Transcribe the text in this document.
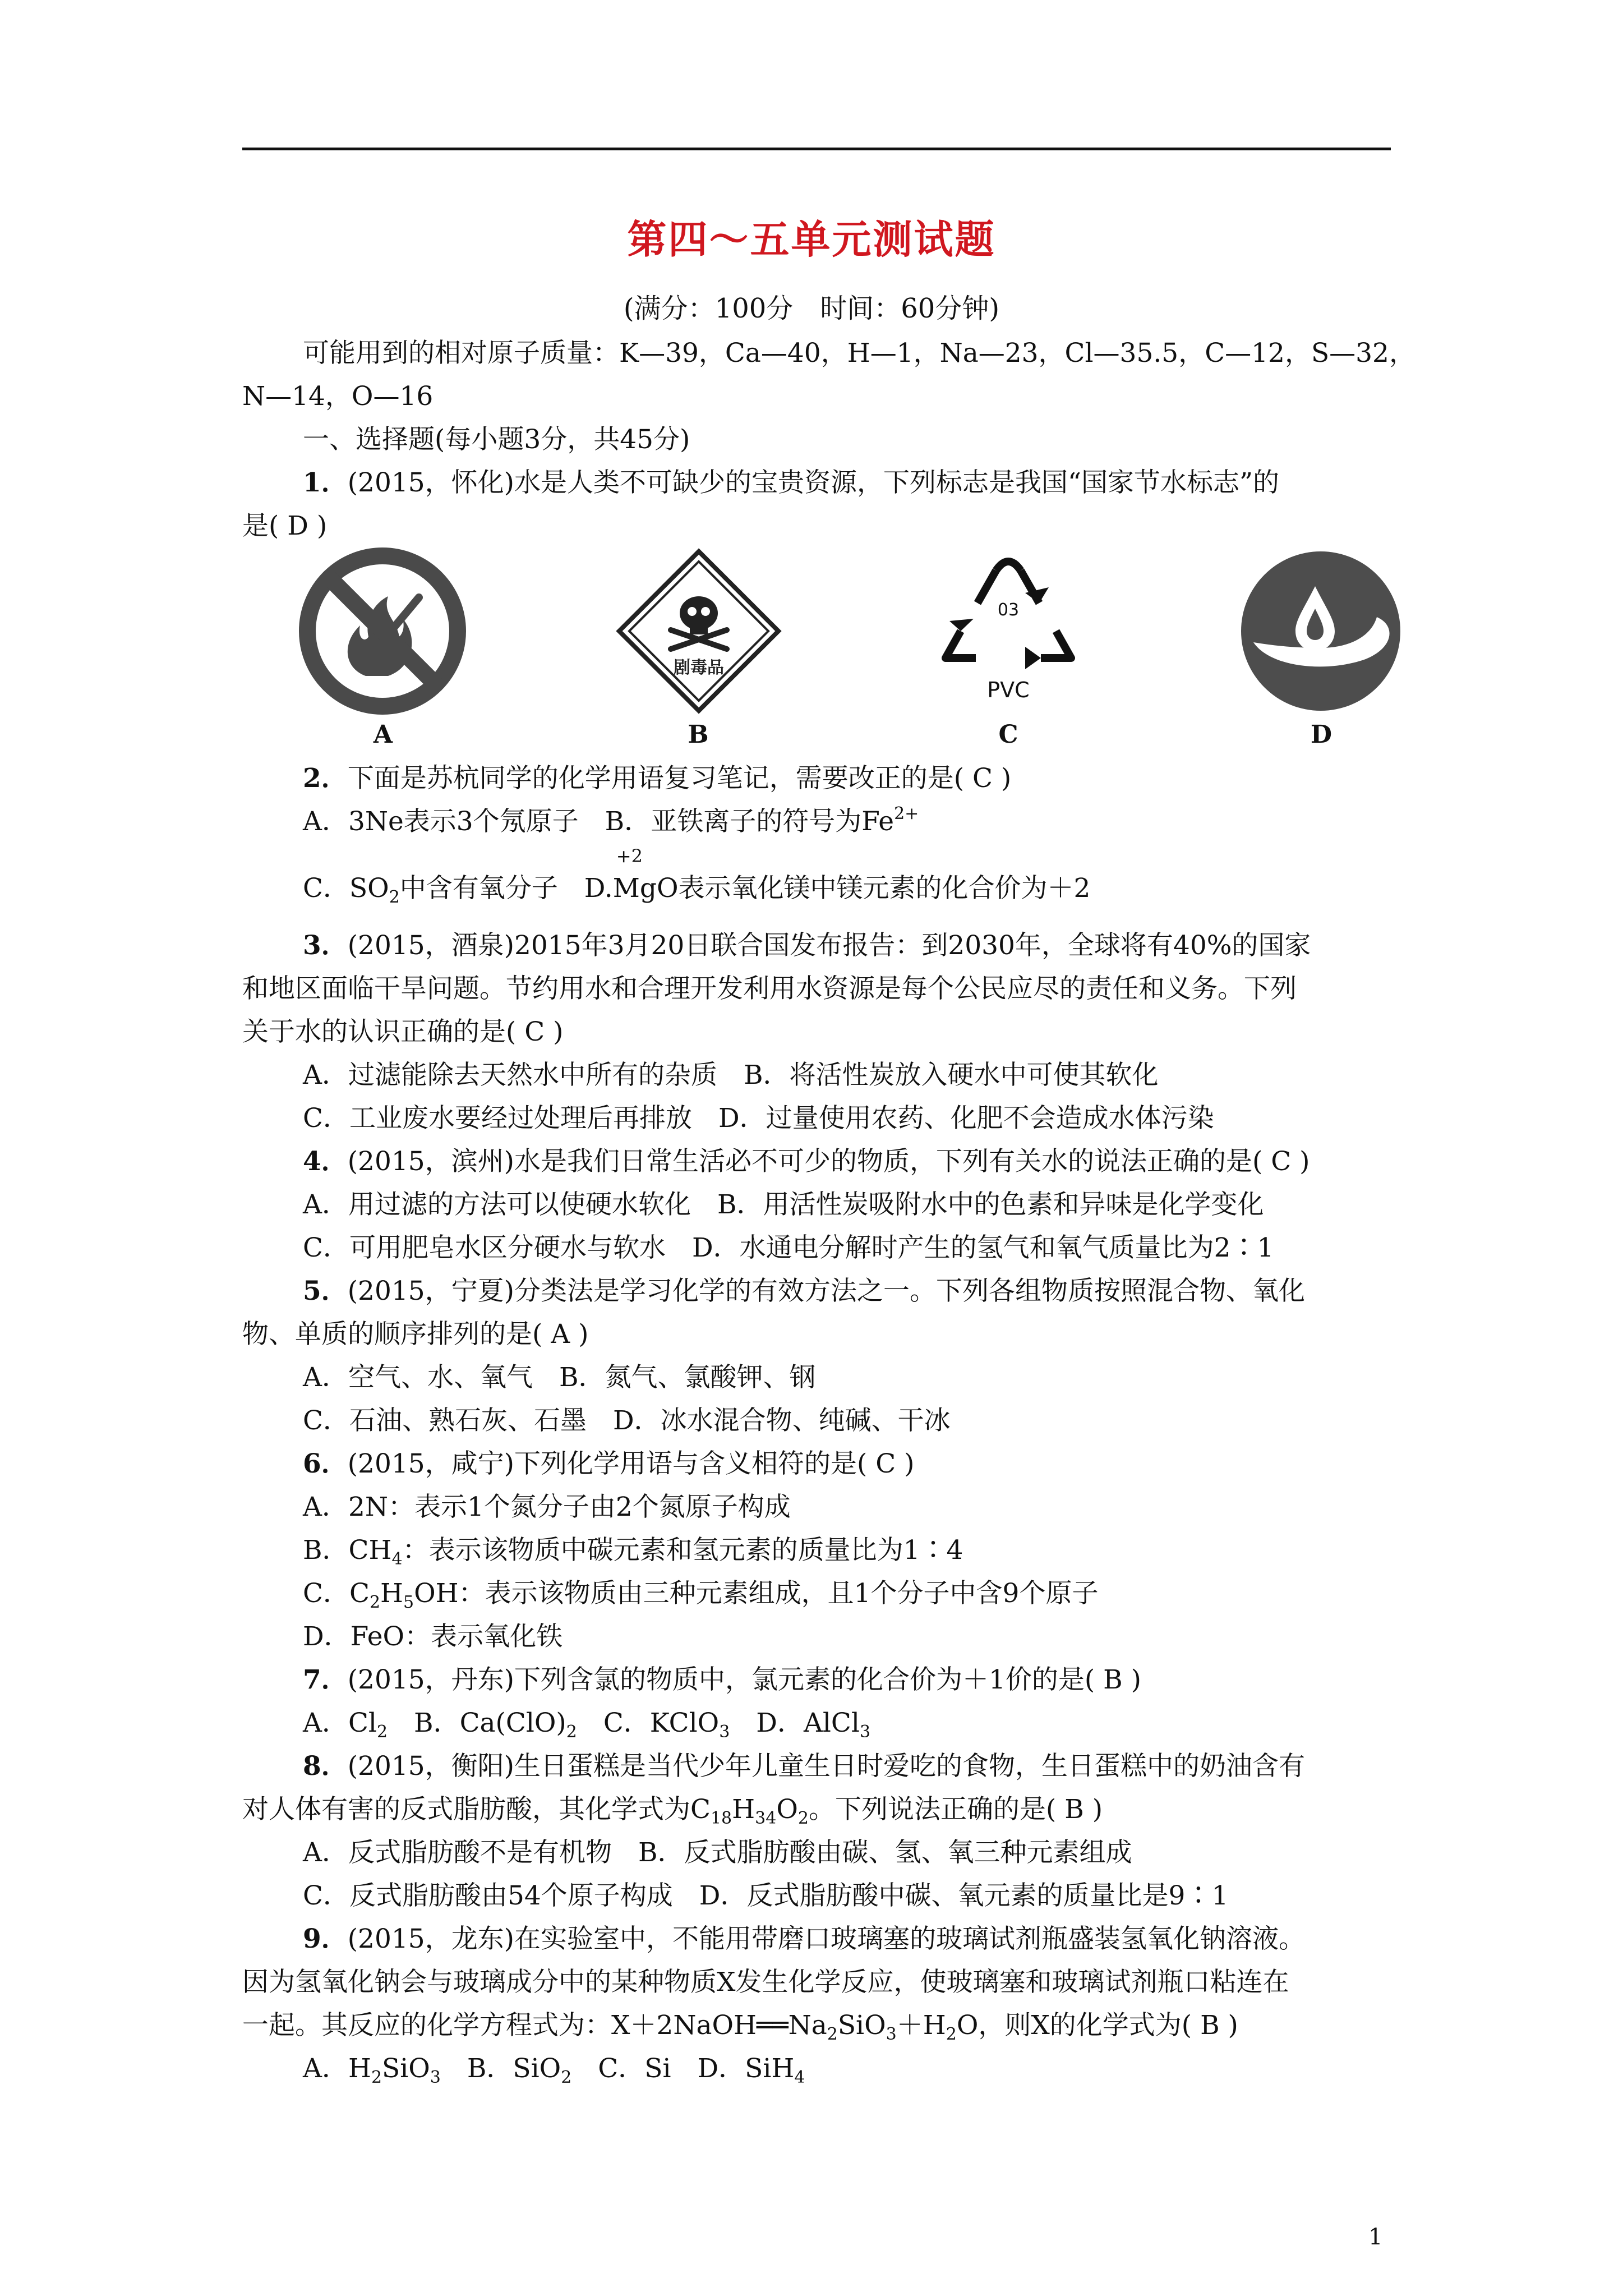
第四～五单元测试题
(满分：100分　时间：60分钟)
可能用到的相对原子质量：K—39，Ca—40，H—1，Na—23，Cl—35.5，C—12，S—32，
N—14，O—16
一、选择题(每小题3分，共45分)
1．(2015，怀化)水是人类不可缺少的宝贵资源，下列标志是我国“国家节水标志”的
是( D )
剧毒品
03
PVC
A	B	C	D
2．下面是苏杭同学的化学用语复习笔记，需要改正的是( C )
A．3Ne表示3个氖原子　B．亚铁离子的符号为$Fe^{2+}$
C．$SO_2$中含有氧分子　D.
+2
MgO表示氧化镁中镁元素的化合价为＋2
3．(2015，酒泉)2015年3月20日联合国发布报告：到2030年，全球将有40%的国家
和地区面临干旱问题。节约用水和合理开发利用水资源是每个公民应尽的责任和义务。下列
关于水的认识正确的是( C )
A．过滤能除去天然水中所有的杂质　B．将活性炭放入硬水中可使其软化
C．工业废水要经过处理后再排放　D．过量使用农药、化肥不会造成水体污染
4．(2015，滨州)水是我们日常生活必不可少的物质，下列有关水的说法正确的是( C )
A．用过滤的方法可以使硬水软化　B．用活性炭吸附水中的色素和异味是化学变化
C．可用肥皂水区分硬水与软水　D．水通电分解时产生的氢气和氧气质量比为2∶1
5．(2015，宁夏)分类法是学习化学的有效方法之一。下列各组物质按照混合物、氧化
物、单质的顺序排列的是( A )
A．空气、水、氧气　B．氮气、氯酸钾、钢
C．石油、熟石灰、石墨　D．冰水混合物、纯碱、干冰
6．(2015，咸宁)下列化学用语与含义相符的是( C )
A．2N：表示1个氮分子由2个氮原子构成
B．$CH_4$：表示该物质中碳元素和氢元素的质量比为1∶4
C．$C_2H_5OH$：表示该物质由三种元素组成，且1个分子中含9个原子
D．FeO：表示氧化铁
7．(2015，丹东)下列含氯的物质中，氯元素的化合价为＋1价的是( B )
A．$Cl_2$　B．$Ca(ClO)_2$　C．KClO$_3$　D．AlCl$_3$
8．(2015，衡阳)生日蛋糕是当代少年儿童生日时爱吃的食物，生日蛋糕中的奶油含有
对人体有害的反式脂肪酸，其化学式为$C_{18}H_{34}O_2$。下列说法正确的是( B )
A．反式脂肪酸不是有机物　B．反式脂肪酸由碳、氢、氧三种元素组成
C．反式脂肪酸由54个原子构成　D．反式脂肪酸中碳、氧元素的质量比是9∶1
9．(2015，龙东)在实验室中，不能用带磨口玻璃塞的玻璃试剂瓶盛装氢氧化钠溶液。
因为氢氧化钠会与玻璃成分中的某种物质X发生化学反应，使玻璃塞和玻璃试剂瓶口粘连在
一起。其反应的化学方程式为：$X+2NaOH══Na_2SiO_3+H_2O$，则X的化学式为( B )
A．$H_2SiO_3$　B．SiO$_2$　C．Si　D．SiH$_4$
1
